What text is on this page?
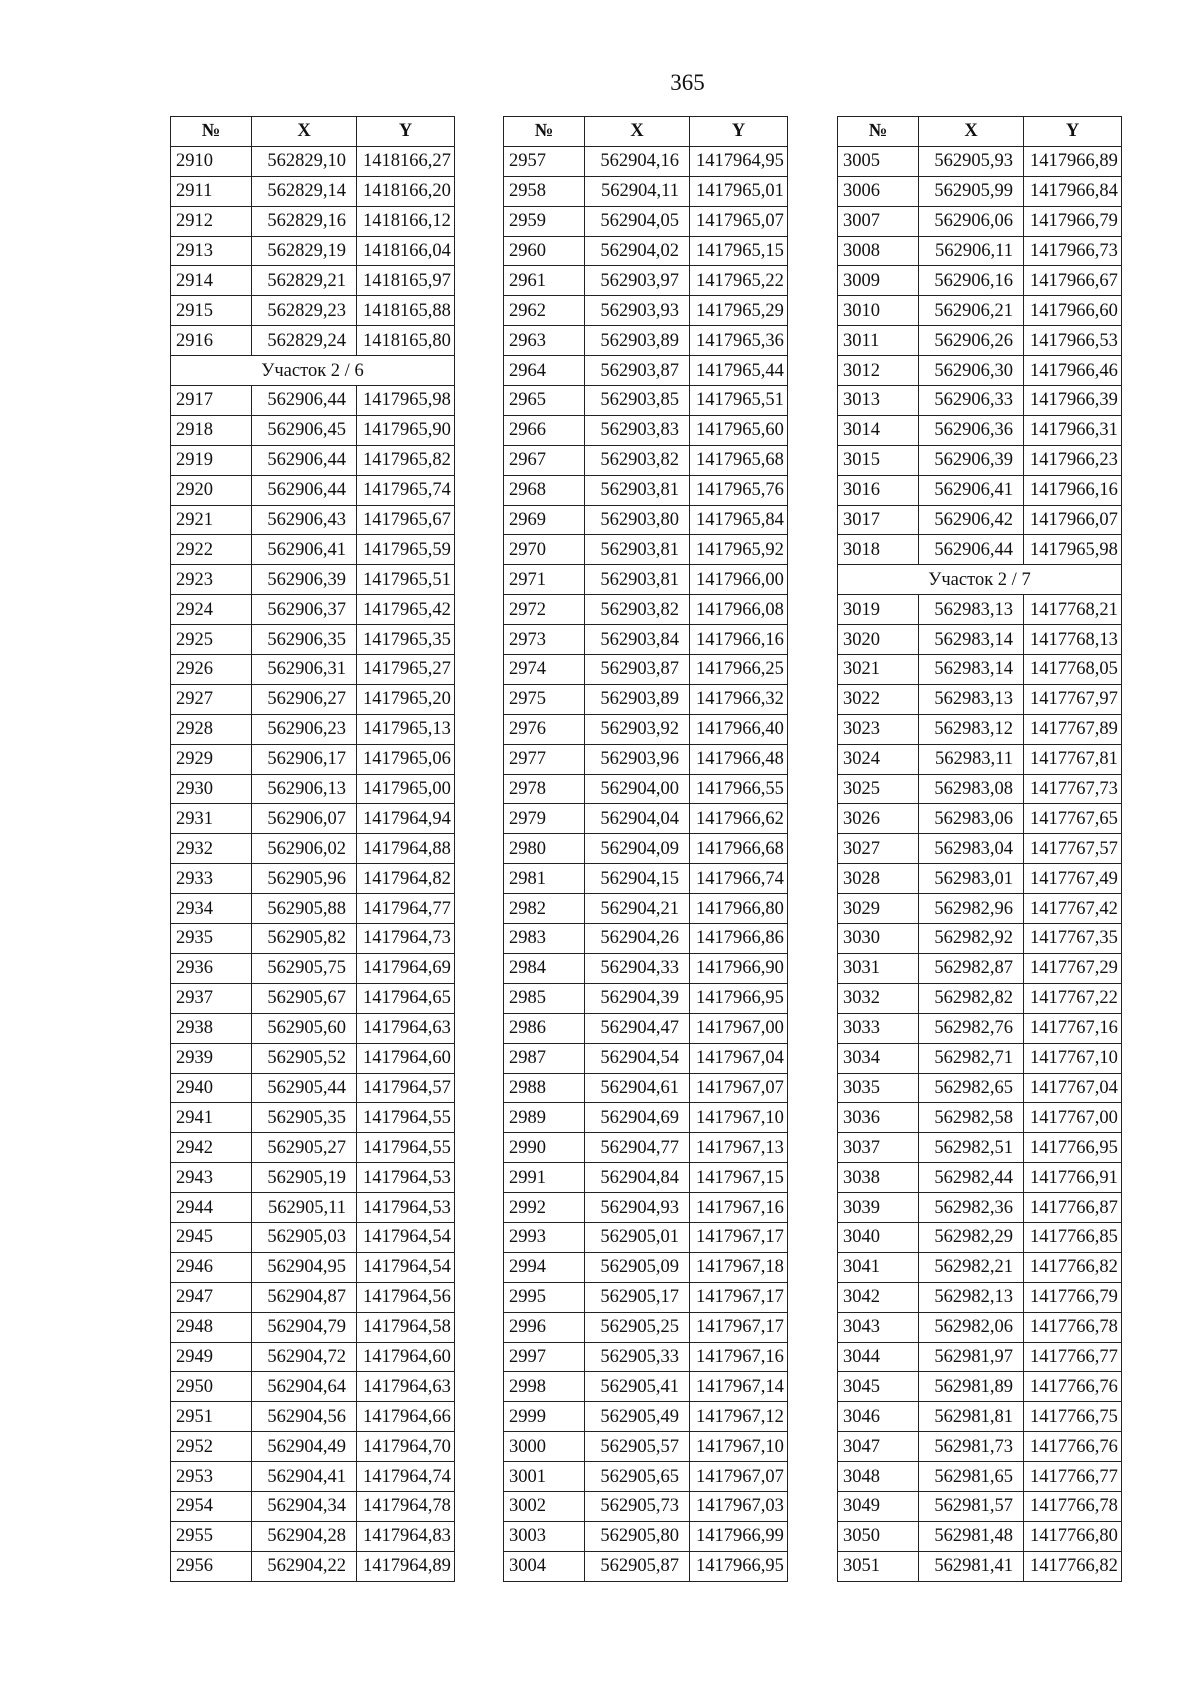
365
№	X	Y
2910	562829,10	1418166,27
2911	562829,14	1418166,20
2912	562829,16	1418166,12
2913	562829,19	1418166,04
2914	562829,21	1418165,97
2915	562829,23	1418165,88
2916	562829,24	1418165,80
Участок 2 / 6		
2917	562906,44	1417965,98
2918	562906,45	1417965,90
2919	562906,44	1417965,82
2920	562906,44	1417965,74
2921	562906,43	1417965,67
2922	562906,41	1417965,59
2923	562906,39	1417965,51
2924	562906,37	1417965,42
2925	562906,35	1417965,35
2926	562906,31	1417965,27
2927	562906,27	1417965,20
2928	562906,23	1417965,13
2929	562906,17	1417965,06
2930	562906,13	1417965,00
2931	562906,07	1417964,94
2932	562906,02	1417964,88
2933	562905,96	1417964,82
2934	562905,88	1417964,77
2935	562905,82	1417964,73
2936	562905,75	1417964,69
2937	562905,67	1417964,65
2938	562905,60	1417964,63
2939	562905,52	1417964,60
2940	562905,44	1417964,57
2941	562905,35	1417964,55
2942	562905,27	1417964,55
2943	562905,19	1417964,53
2944	562905,11	1417964,53
2945	562905,03	1417964,54
2946	562904,95	1417964,54
2947	562904,87	1417964,56
2948	562904,79	1417964,58
2949	562904,72	1417964,60
2950	562904,64	1417964,63
2951	562904,56	1417964,66
2952	562904,49	1417964,70
2953	562904,41	1417964,74
2954	562904,34	1417964,78
2955	562904,28	1417964,83
2956	562904,22	1417964,89
№	X	Y
2957	562904,16	1417964,95
2958	562904,11	1417965,01
2959	562904,05	1417965,07
2960	562904,02	1417965,15
2961	562903,97	1417965,22
2962	562903,93	1417965,29
2963	562903,89	1417965,36
2964	562903,87	1417965,44
2965	562903,85	1417965,51
2966	562903,83	1417965,60
2967	562903,82	1417965,68
2968	562903,81	1417965,76
2969	562903,80	1417965,84
2970	562903,81	1417965,92
2971	562903,81	1417966,00
2972	562903,82	1417966,08
2973	562903,84	1417966,16
2974	562903,87	1417966,25
2975	562903,89	1417966,32
2976	562903,92	1417966,40
2977	562903,96	1417966,48
2978	562904,00	1417966,55
2979	562904,04	1417966,62
2980	562904,09	1417966,68
2981	562904,15	1417966,74
2982	562904,21	1417966,80
2983	562904,26	1417966,86
2984	562904,33	1417966,90
2985	562904,39	1417966,95
2986	562904,47	1417967,00
2987	562904,54	1417967,04
2988	562904,61	1417967,07
2989	562904,69	1417967,10
2990	562904,77	1417967,13
2991	562904,84	1417967,15
2992	562904,93	1417967,16
2993	562905,01	1417967,17
2994	562905,09	1417967,18
2995	562905,17	1417967,17
2996	562905,25	1417967,17
2997	562905,33	1417967,16
2998	562905,41	1417967,14
2999	562905,49	1417967,12
3000	562905,57	1417967,10
3001	562905,65	1417967,07
3002	562905,73	1417967,03
3003	562905,80	1417966,99
3004	562905,87	1417966,95
№	X	Y
3005	562905,93	1417966,89
3006	562905,99	1417966,84
3007	562906,06	1417966,79
3008	562906,11	1417966,73
3009	562906,16	1417966,67
3010	562906,21	1417966,60
3011	562906,26	1417966,53
3012	562906,30	1417966,46
3013	562906,33	1417966,39
3014	562906,36	1417966,31
3015	562906,39	1417966,23
3016	562906,41	1417966,16
3017	562906,42	1417966,07
3018	562906,44	1417965,98
Участок 2 / 7		
3019	562983,13	1417768,21
3020	562983,14	1417768,13
3021	562983,14	1417768,05
3022	562983,13	1417767,97
3023	562983,12	1417767,89
3024	562983,11	1417767,81
3025	562983,08	1417767,73
3026	562983,06	1417767,65
3027	562983,04	1417767,57
3028	562983,01	1417767,49
3029	562982,96	1417767,42
3030	562982,92	1417767,35
3031	562982,87	1417767,29
3032	562982,82	1417767,22
3033	562982,76	1417767,16
3034	562982,71	1417767,10
3035	562982,65	1417767,04
3036	562982,58	1417767,00
3037	562982,51	1417766,95
3038	562982,44	1417766,91
3039	562982,36	1417766,87
3040	562982,29	1417766,85
3041	562982,21	1417766,82
3042	562982,13	1417766,79
3043	562982,06	1417766,78
3044	562981,97	1417766,77
3045	562981,89	1417766,76
3046	562981,81	1417766,75
3047	562981,73	1417766,76
3048	562981,65	1417766,77
3049	562981,57	1417766,78
3050	562981,48	1417766,80
3051	562981,41	1417766,82
